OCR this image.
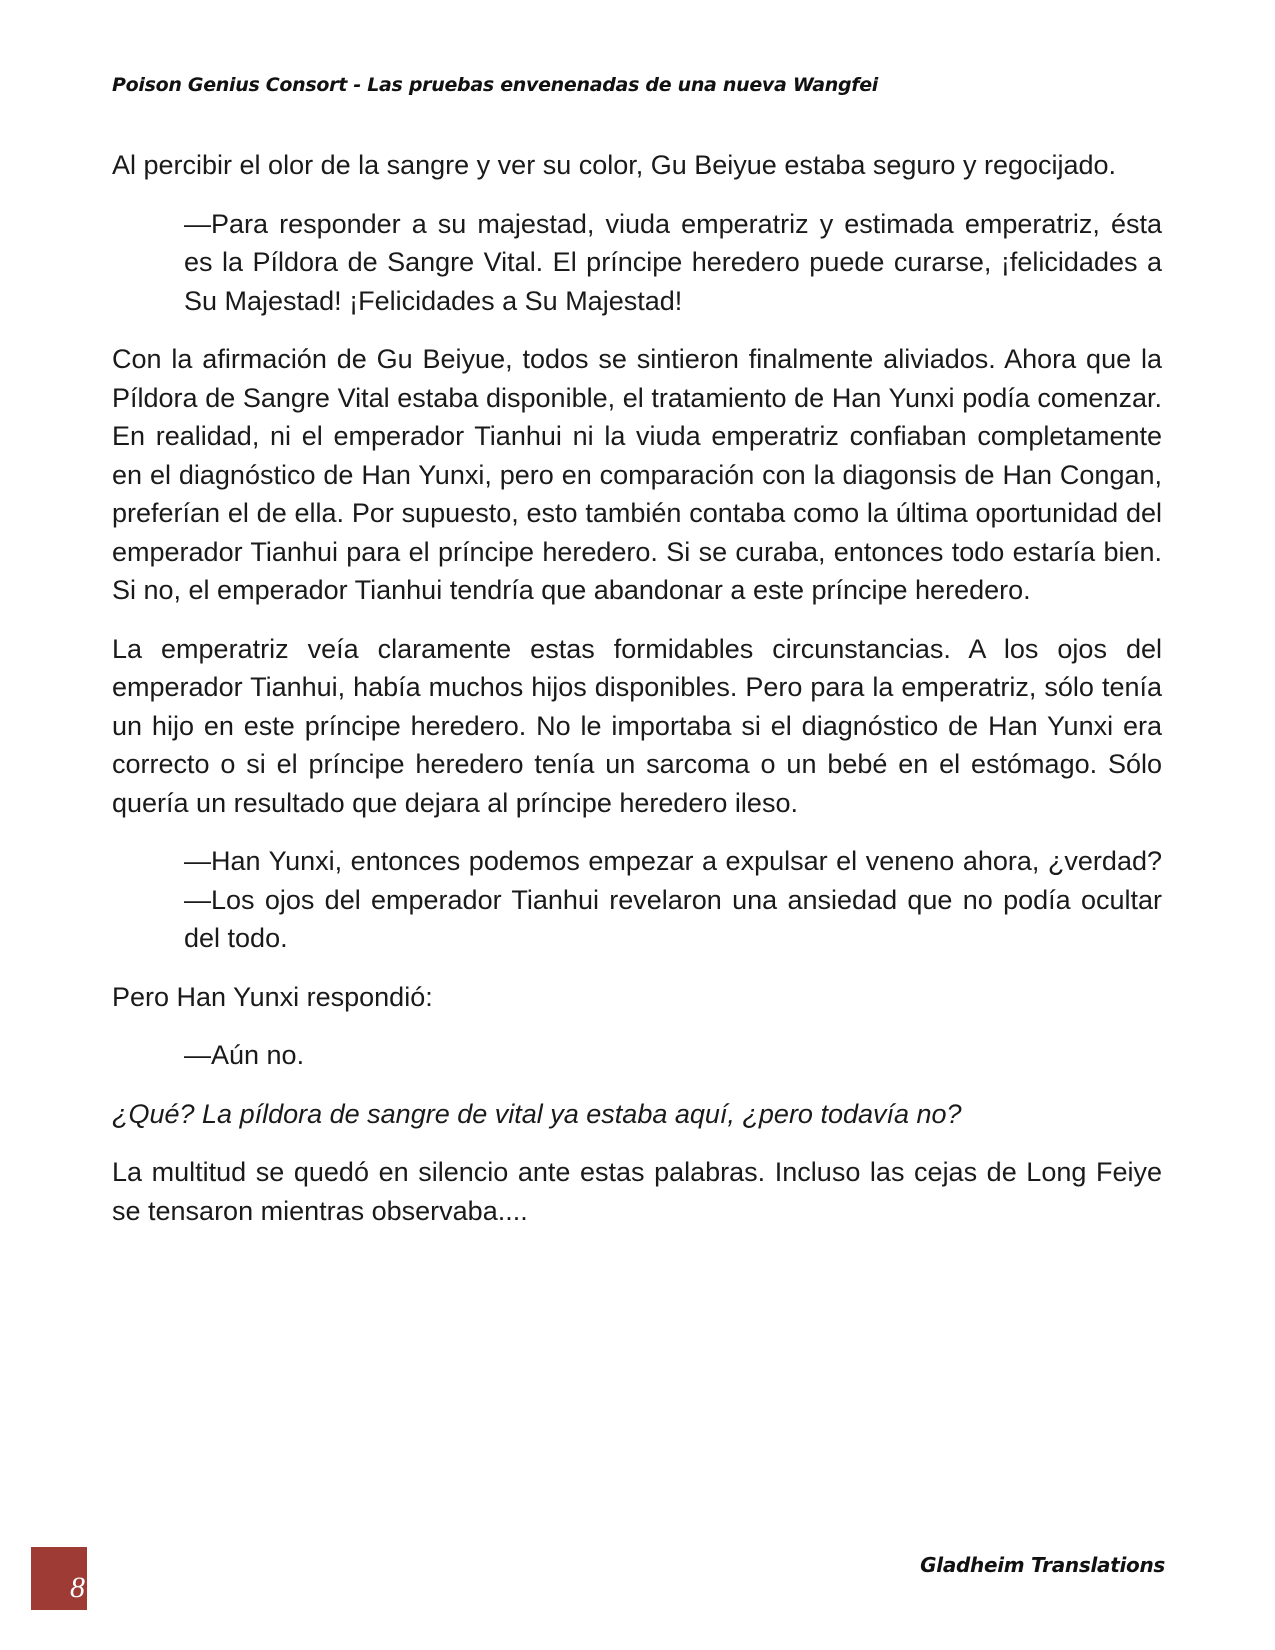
Poison Genius Consort - Las pruebas envenenadas de una nueva Wangfei

Al percibir el olor de la sangre y ver su color, Gu Beiyue estaba seguro y regocijado.

—Para responder a su majestad, viuda emperatriz y estimada emperatriz, ésta es la Píldora de Sangre Vital. El príncipe heredero puede curarse, ¡felicidades a Su Majestad! ¡Felicidades a Su Majestad!

Con la afirmación de Gu Beiyue, todos se sintieron finalmente aliviados. Ahora que la Píldora de Sangre Vital estaba disponible, el tratamiento de Han Yunxi podía comenzar. En realidad, ni el emperador Tianhui ni la viuda emperatriz confiaban completamente en el diagnóstico de Han Yunxi, pero en comparación con la diagonsis de Han Congan, preferían el de ella. Por supuesto, esto también contaba como la última oportunidad del emperador Tianhui para el príncipe heredero. Si se curaba, entonces todo estaría bien. Si no, el emperador Tianhui tendría que abandonar a este príncipe heredero.

La emperatriz veía claramente estas formidables circunstancias. A los ojos del emperador Tianhui, había muchos hijos disponibles. Pero para la emperatriz, sólo tenía un hijo en este príncipe heredero. No le importaba si el diagnóstico de Han Yunxi era correcto o si el príncipe heredero tenía un sarcoma o un bebé en el estómago. Sólo quería un resultado que dejara al príncipe heredero ileso.

—Han Yunxi, entonces podemos empezar a expulsar el veneno ahora, ¿verdad? —Los ojos del emperador Tianhui revelaron una ansiedad que no podía ocultar del todo.

Pero Han Yunxi respondió:

—Aún no.

¿Qué? La píldora de sangre de vital ya estaba aquí, ¿pero todavía no?

La multitud se quedó en silencio ante estas palabras. Incluso las cejas de Long Feiye se tensaron mientras observaba....

8
Gladheim Translations
